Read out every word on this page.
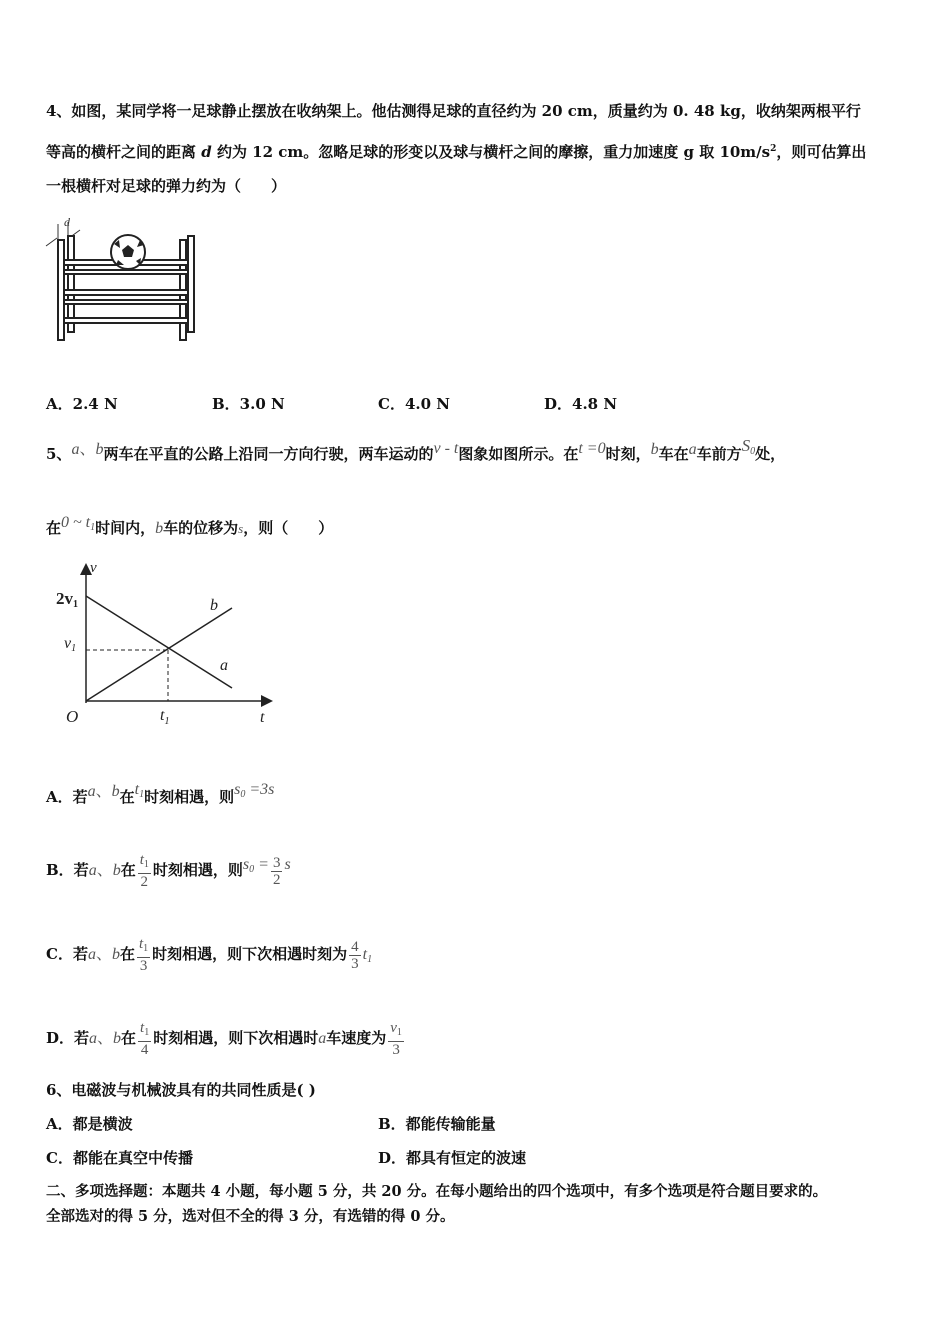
4、如图，某同学将一足球静止摆放在收纳架上。他估测得足球的直径约为 20 cm，质量约为 0. 48 kg，收纳架两根平行
等高的横杆之间的距离 d 约为 12 cm。忽略足球的形变以及球与横杆之间的摩擦，重力加速度 g 取 $10m/s^2$，则可估算出
一根横杆对足球的弹力约为（　　）
d
A．2.4 N	B．3.0 N	C．4.0 N	D．4.8 N
5、a、b两车在平直的公路上沿同一方向行驶，两车运动的v - t图象如图所示。在t =0时刻，b车在a车前方$S_0$处，
在0 ~ $t_1$时间内，b车的位移为s，则（　　）
v
t
O
2v1
v1
$t_1$
a
b
A．若a、b在$t_1$时刻相遇，则$s_0 =3s$
B．若a、b在 $\frac{t_1}{2}$ 时刻相遇，则$s_0 = \frac{3}{2}$ s
C．若a、b在 $\frac{t_1}{3}$ 时刻相遇，则下次相遇时刻为 $\frac{4}{3} t_1$
D．若a、b在 $\frac{t_1}{4}$ 时刻相遇，则下次相遇时a车速度为 $\frac{v_1}{3}$
6、电磁波与机械波具有的共同性质是( )
A．都是横波	B．都能传输能量
C．都能在真空中传播	D．都具有恒定的波速
二、多项选择题：本题共 4 小题，每小题 5 分，共 20 分。在每小题给出的四个选项中，有多个选项是符合题目要求的。
全部选对的得 5 分，选对但不全的得 3 分，有选错的得 0 分。
